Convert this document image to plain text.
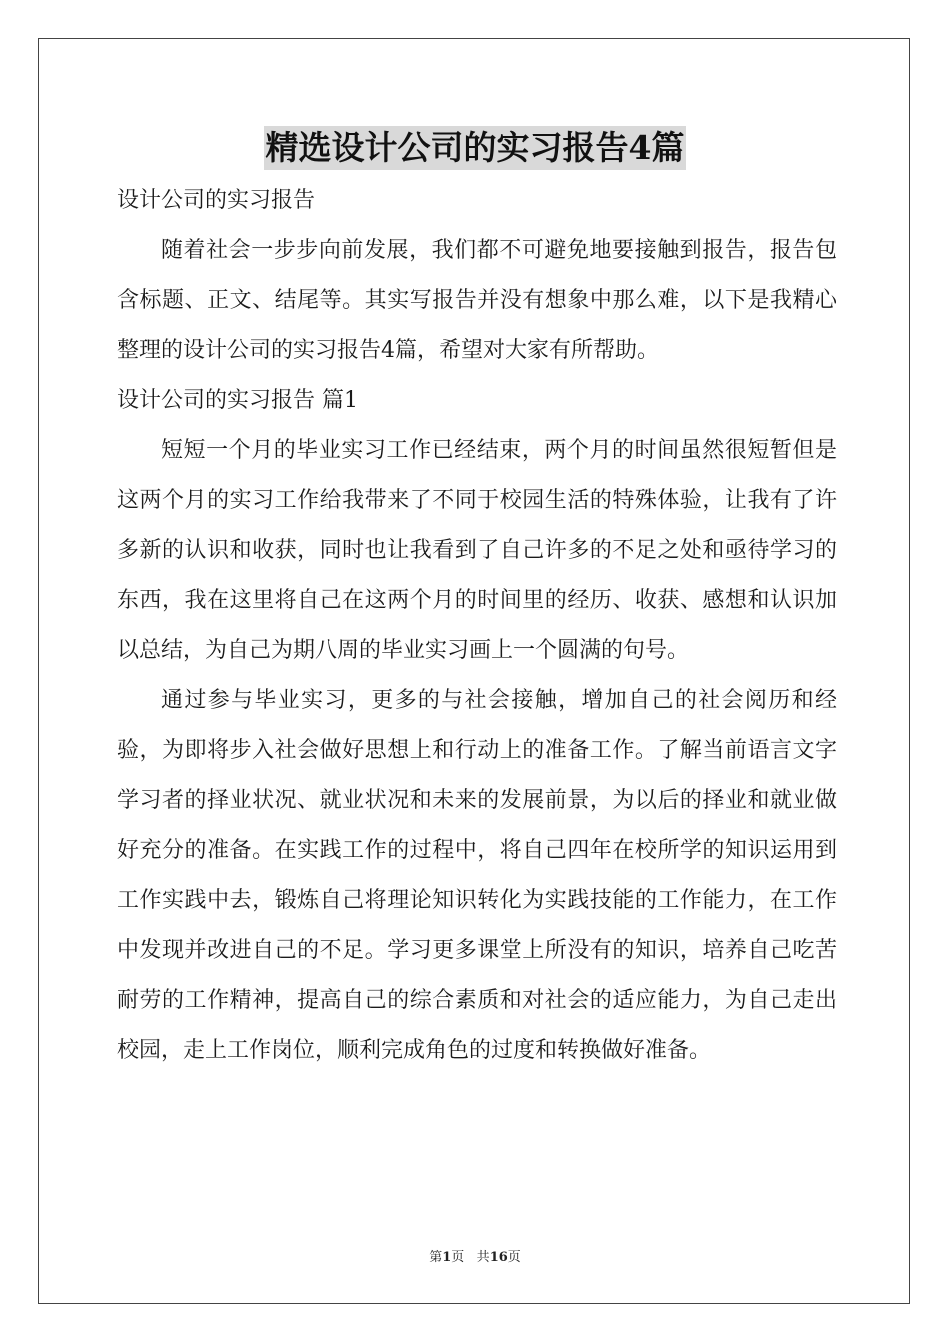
精选设计公司的实习报告4篇

设计公司的实习报告

随着社会一步步向前发展，我们都不可避免地要接触到报告，报告包含标题、正文、结尾等。其实写报告并没有想象中那么难，以下是我精心整理的设计公司的实习报告4篇，希望对大家有所帮助。

设计公司的实习报告 篇1

短短一个月的毕业实习工作已经结束，两个月的时间虽然很短暂但是这两个月的实习工作给我带来了不同于校园生活的特殊体验，让我有了许多新的认识和收获，同时也让我看到了自己许多的不足之处和亟待学习的东西，我在这里将自己在这两个月的时间里的经历、收获、感想和认识加以总结，为自己为期八周的毕业实习画上一个圆满的句号。

通过参与毕业实习，更多的与社会接触，增加自己的社会阅历和经验，为即将步入社会做好思想上和行动上的准备工作。了解当前语言文字学习者的择业状况、就业状况和未来的发展前景，为以后的择业和就业做好充分的准备。在实践工作的过程中，将自己四年在校所学的知识运用到工作实践中去，锻炼自己将理论知识转化为实践技能的工作能力，在工作中发现并改进自己的不足。学习更多课堂上所没有的知识，培养自己吃苦耐劳的工作精神，提高自己的综合素质和对社会的适应能力，为自己走出校园，走上工作岗位，顺利完成角色的过度和转换做好准备。

第1页 共16页
